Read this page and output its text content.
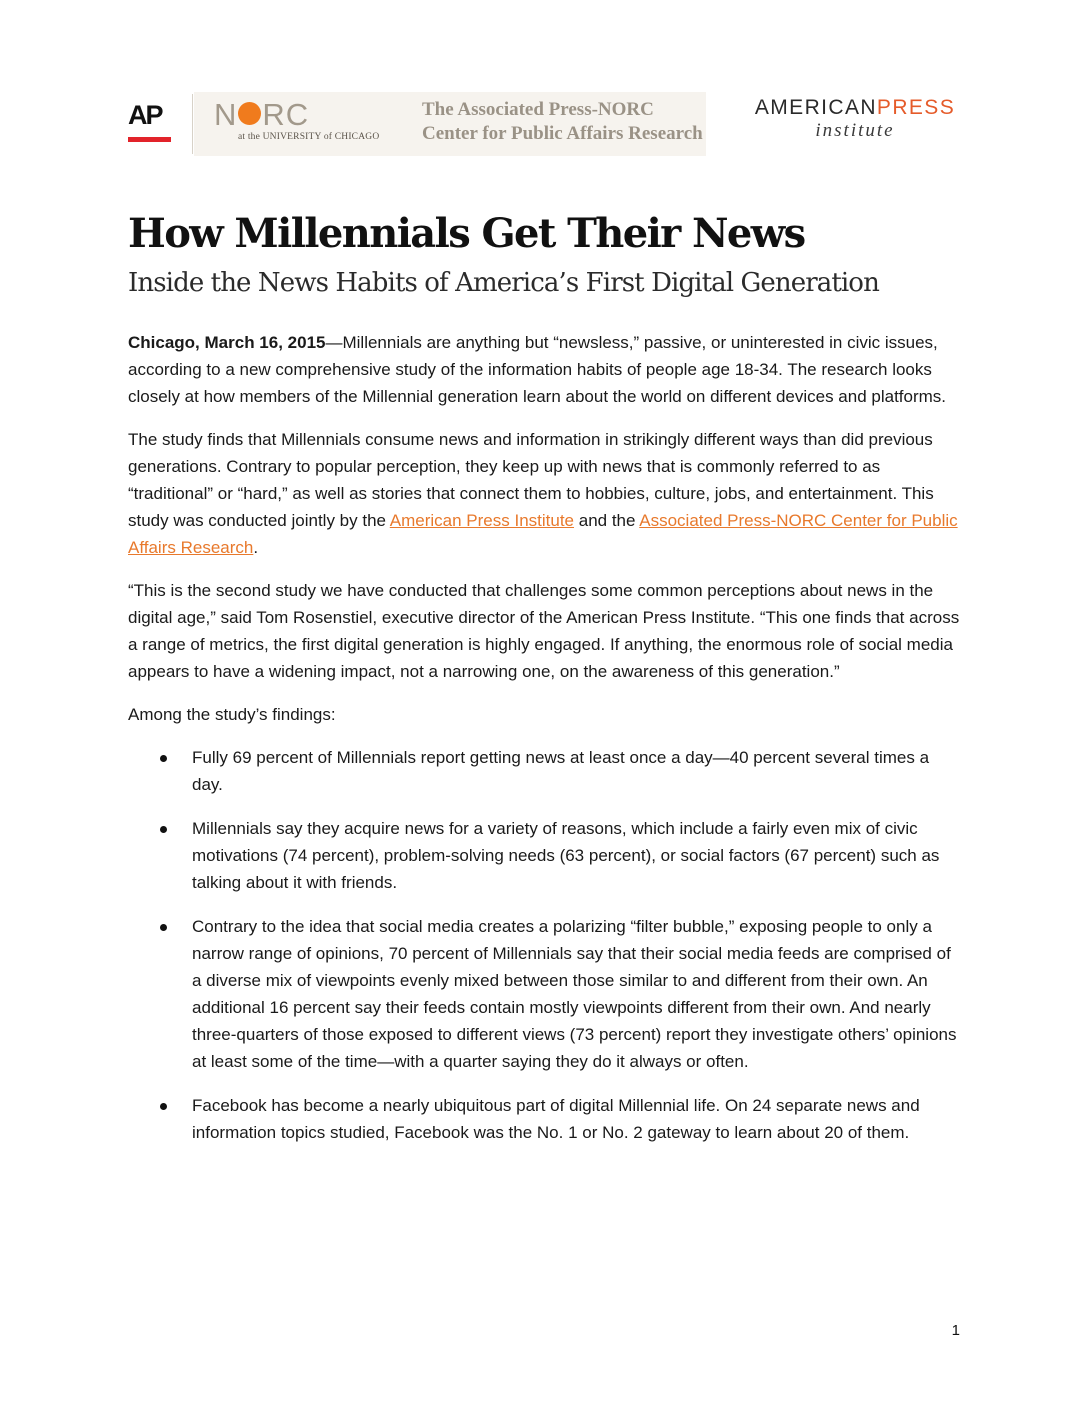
AP	N RC
at the UNIVERSITY of CHICAGO
The Associated Press-NORC
Center for Public Affairs Research
AMERICANPRESS
institute
How Millennials Get Their News
Inside the News Habits of America’s First Digital Generation

Chicago, March 16, 2015—Millennials are anything but “newsless,” passive, or uninterested in civic issues, according to a new comprehensive study of the information habits of people age 18-34. The research looks closely at how members of the Millennial generation learn about the world on different devices and platforms.

The study finds that Millennials consume news and information in strikingly different ways than did previous generations. Contrary to popular perception, they keep up with news that is commonly referred to as “traditional” or “hard,” as well as stories that connect them to hobbies, culture, jobs, and entertainment. This study was conducted jointly by the American Press Institute and the Associated Press-NORC Center for Public Affairs Research.

“This is the second study we have conducted that challenges some common perceptions about news in the digital age,” said Tom Rosenstiel, executive director of the American Press Institute. “This one finds that across a range of metrics, the first digital generation is highly engaged. If anything, the enormous role of social media appears to have a widening impact, not a narrowing one, on the awareness of this generation.”

Among the study’s findings:

Fully 69 percent of Millennials report getting news at least once a day—40 percent several times a day.
Millennials say they acquire news for a variety of reasons, which include a fairly even mix of civic motivations (74 percent), problem-solving needs (63 percent), or social factors (67 percent) such as talking about it with friends.
Contrary to the idea that social media creates a polarizing “filter bubble,” exposing people to only a narrow range of opinions, 70 percent of Millennials say that their social media feeds are comprised of a diverse mix of viewpoints evenly mixed between those similar to and different from their own. An additional 16 percent say their feeds contain mostly viewpoints different from their own. And nearly three-quarters of those exposed to different views (73 percent) report they investigate others’ opinions at least some of the time—with a quarter saying they do it always or often.
Facebook has become a nearly ubiquitous part of digital Millennial life. On 24 separate news and information topics studied, Facebook was the No. 1 or No. 2 gateway to learn about 20 of them.
1
